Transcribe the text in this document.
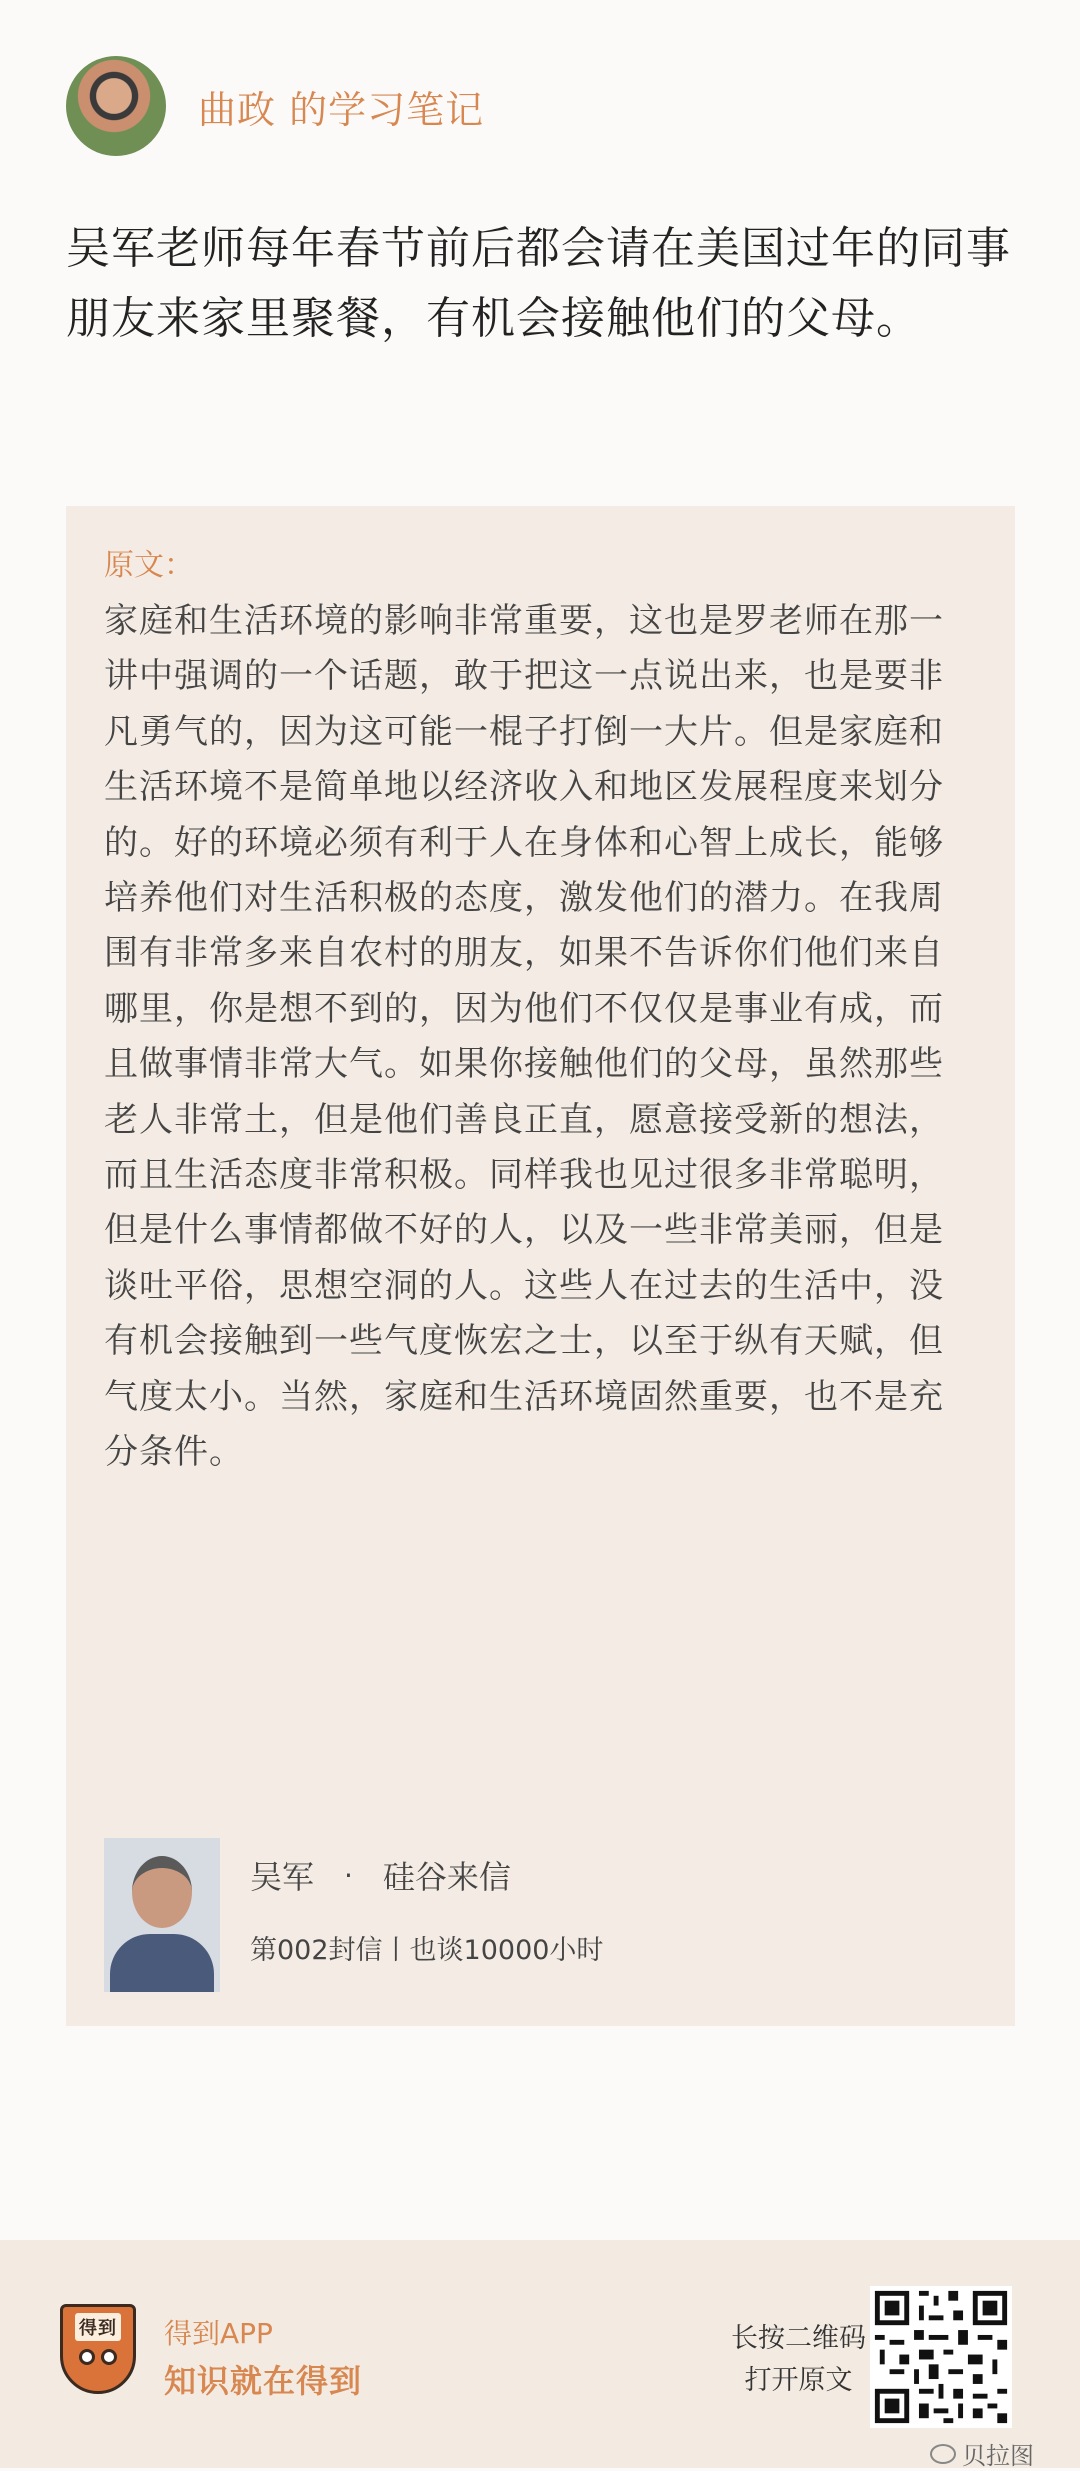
曲政 的学习笔记
吴军老师每年春节前后都会请在美国过年的同事朋友来家里聚餐，有机会接触他们的父母。
原文：
家庭和生活环境的影响非常重要，这也是罗老师在那一讲中强调的一个话题，敢于把这一点说出来，也是要非凡勇气的，因为这可能一棍子打倒一大片。但是家庭和生活环境不是简单地以经济收入和地区发展程度来划分的。好的环境必须有利于人在身体和心智上成长，能够培养他们对生活积极的态度，激发他们的潜力。在我周围有非常多来自农村的朋友，如果不告诉你们他们来自哪里，你是想不到的，因为他们不仅仅是事业有成，而且做事情非常大气。如果你接触他们的父母，虽然那些老人非常土，但是他们善良正直，愿意接受新的想法，而且生活态度非常积极。同样我也见过很多非常聪明，但是什么事情都做不好的人，以及一些非常美丽，但是谈吐平俗，思想空洞的人。这些人在过去的生活中，没有机会接触到一些气度恢宏之士，以至于纵有天赋，但气度太小。当然，家庭和生活环境固然重要，也不是充分条件。
吴军 · 硅谷来信
第002封信丨也谈10000小时
得到 得到APP
知识就在得到
长按二维码
打开原文
贝拉图
